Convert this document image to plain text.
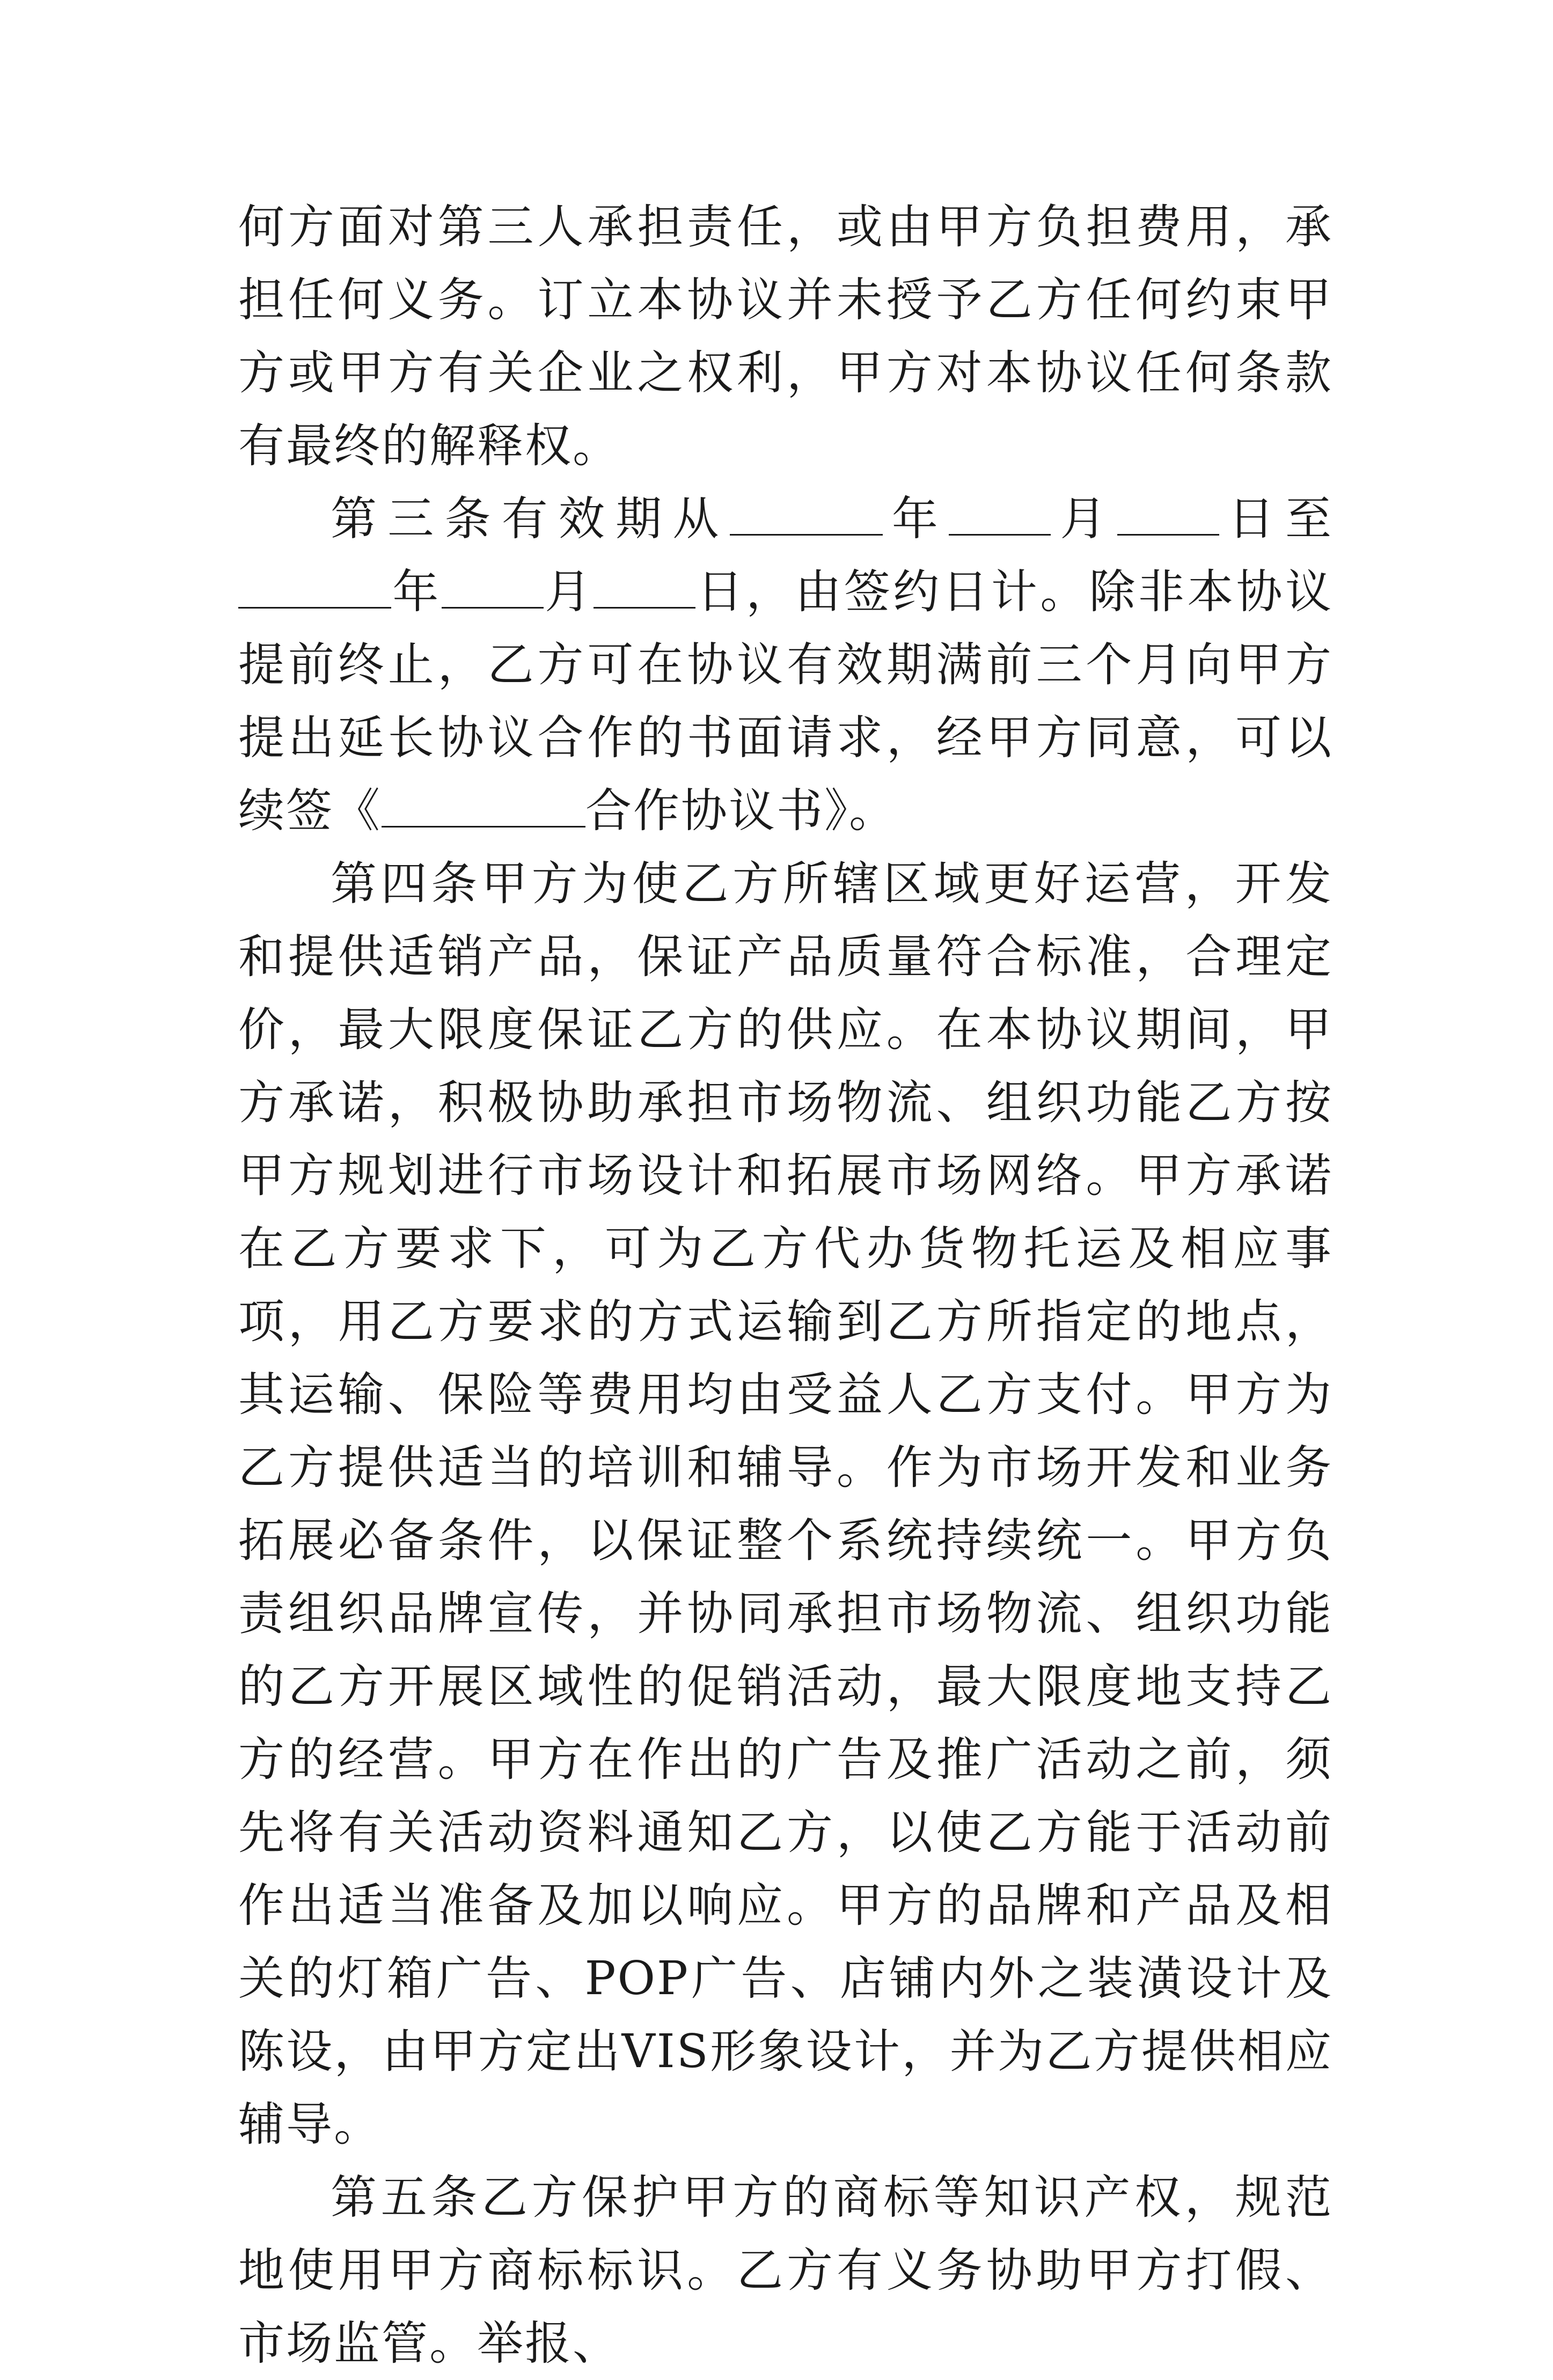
何方面对第三人承担责任，或由甲方负担费用，承担任何义务。订立本协议并未授予乙方任何约束甲方或甲方有关企业之权利，甲方对本协议任何条款有最终的解释权。

第三条有效期从	年 月 日至年 月 日，由签约日计。除非本协议提前终止，乙方可在协议有效期满前三个月向甲方提出延长协议合作的书面请求，经甲方同意，可以续签《	合作协议书》。

第四条甲方为使乙方所辖区域更好运营，开发和提供适销产品，保证产品质量符合标准，合理定价，最大限度保证乙方的供应。在本协议期间，甲方承诺，积极协助承担市场物流、组织功能乙方按甲方规划进行市场设计和拓展市场网络。甲方承诺在乙方要求下，可为乙方代办货物托运及相应事项，用乙方要求的方式运输到乙方所指定的地点，其运输、保险等费用均由受益人乙方支付。甲方为乙方提供适当的培训和辅导。作为市场开发和业务拓展必备条件，以保证整个系统持续统一。甲方负责组织品牌宣传，并协同承担市场物流、组织功能的乙方开展区域性的促销活动，最大限度地支持乙方的经营。甲方在作出的广告及推广活动之前，须先将有关活动资料通知乙方，以使乙方能于活动前作出适当准备及加以响应。甲方的品牌和产品及相关的灯箱广告、POP广告、店铺内外之装潢设计及陈设，由甲方定出VIS形象设计，并为乙方提供相应辅导。

第五条乙方保护甲方的商标等知识产权，规范地使用甲方商标标识。乙方有义务协助甲方打假、市场监管。举报、
